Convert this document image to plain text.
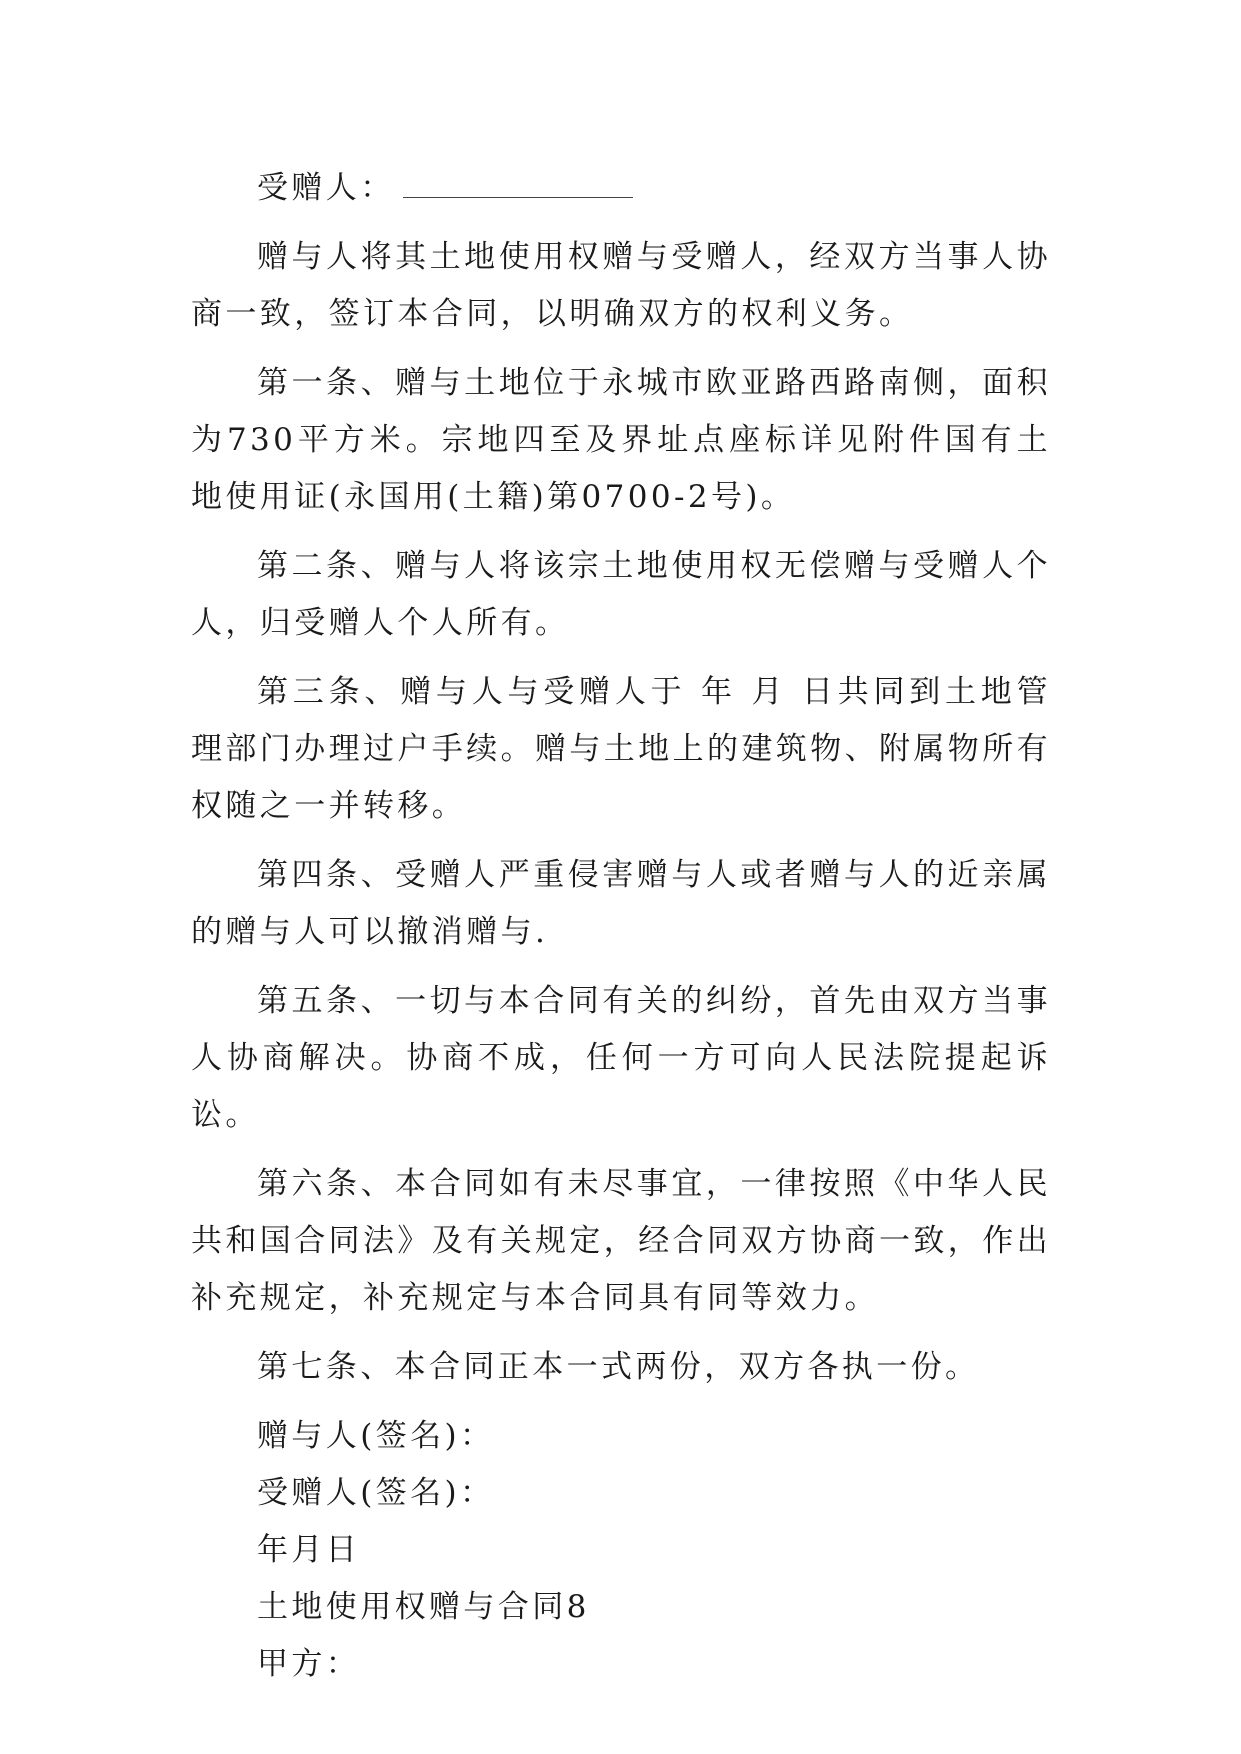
受赠人：

赠与人将其土地使用权赠与受赠人，经双方当事人协商一致，签订本合同，以明确双方的权利义务。

第一条、赠与土地位于永城市欧亚路西路南侧，面积为730平方米。宗地四至及界址点座标详见附件国有土地使用证(永国用(土籍)第0700-2号)。

第二条、赠与人将该宗土地使用权无偿赠与受赠人个人，归受赠人个人所有。

第三条、赠与人与受赠人于 年 月 日共同到土地管理部门办理过户手续。赠与土地上的建筑物、附属物所有权随之一并转移。

第四条、受赠人严重侵害赠与人或者赠与人的近亲属的赠与人可以撤消赠与.

第五条、一切与本合同有关的纠纷，首先由双方当事人协商解决。协商不成，任何一方可向人民法院提起诉讼。

第六条、本合同如有未尽事宜，一律按照《中华人民共和国合同法》及有关规定，经合同双方协商一致，作出补充规定，补充规定与本合同具有同等效力。

第七条、本合同正本一式两份，双方各执一份。

赠与人(签名)：
受赠人(签名)：
年月日
土地使用权赠与合同8
甲方：
